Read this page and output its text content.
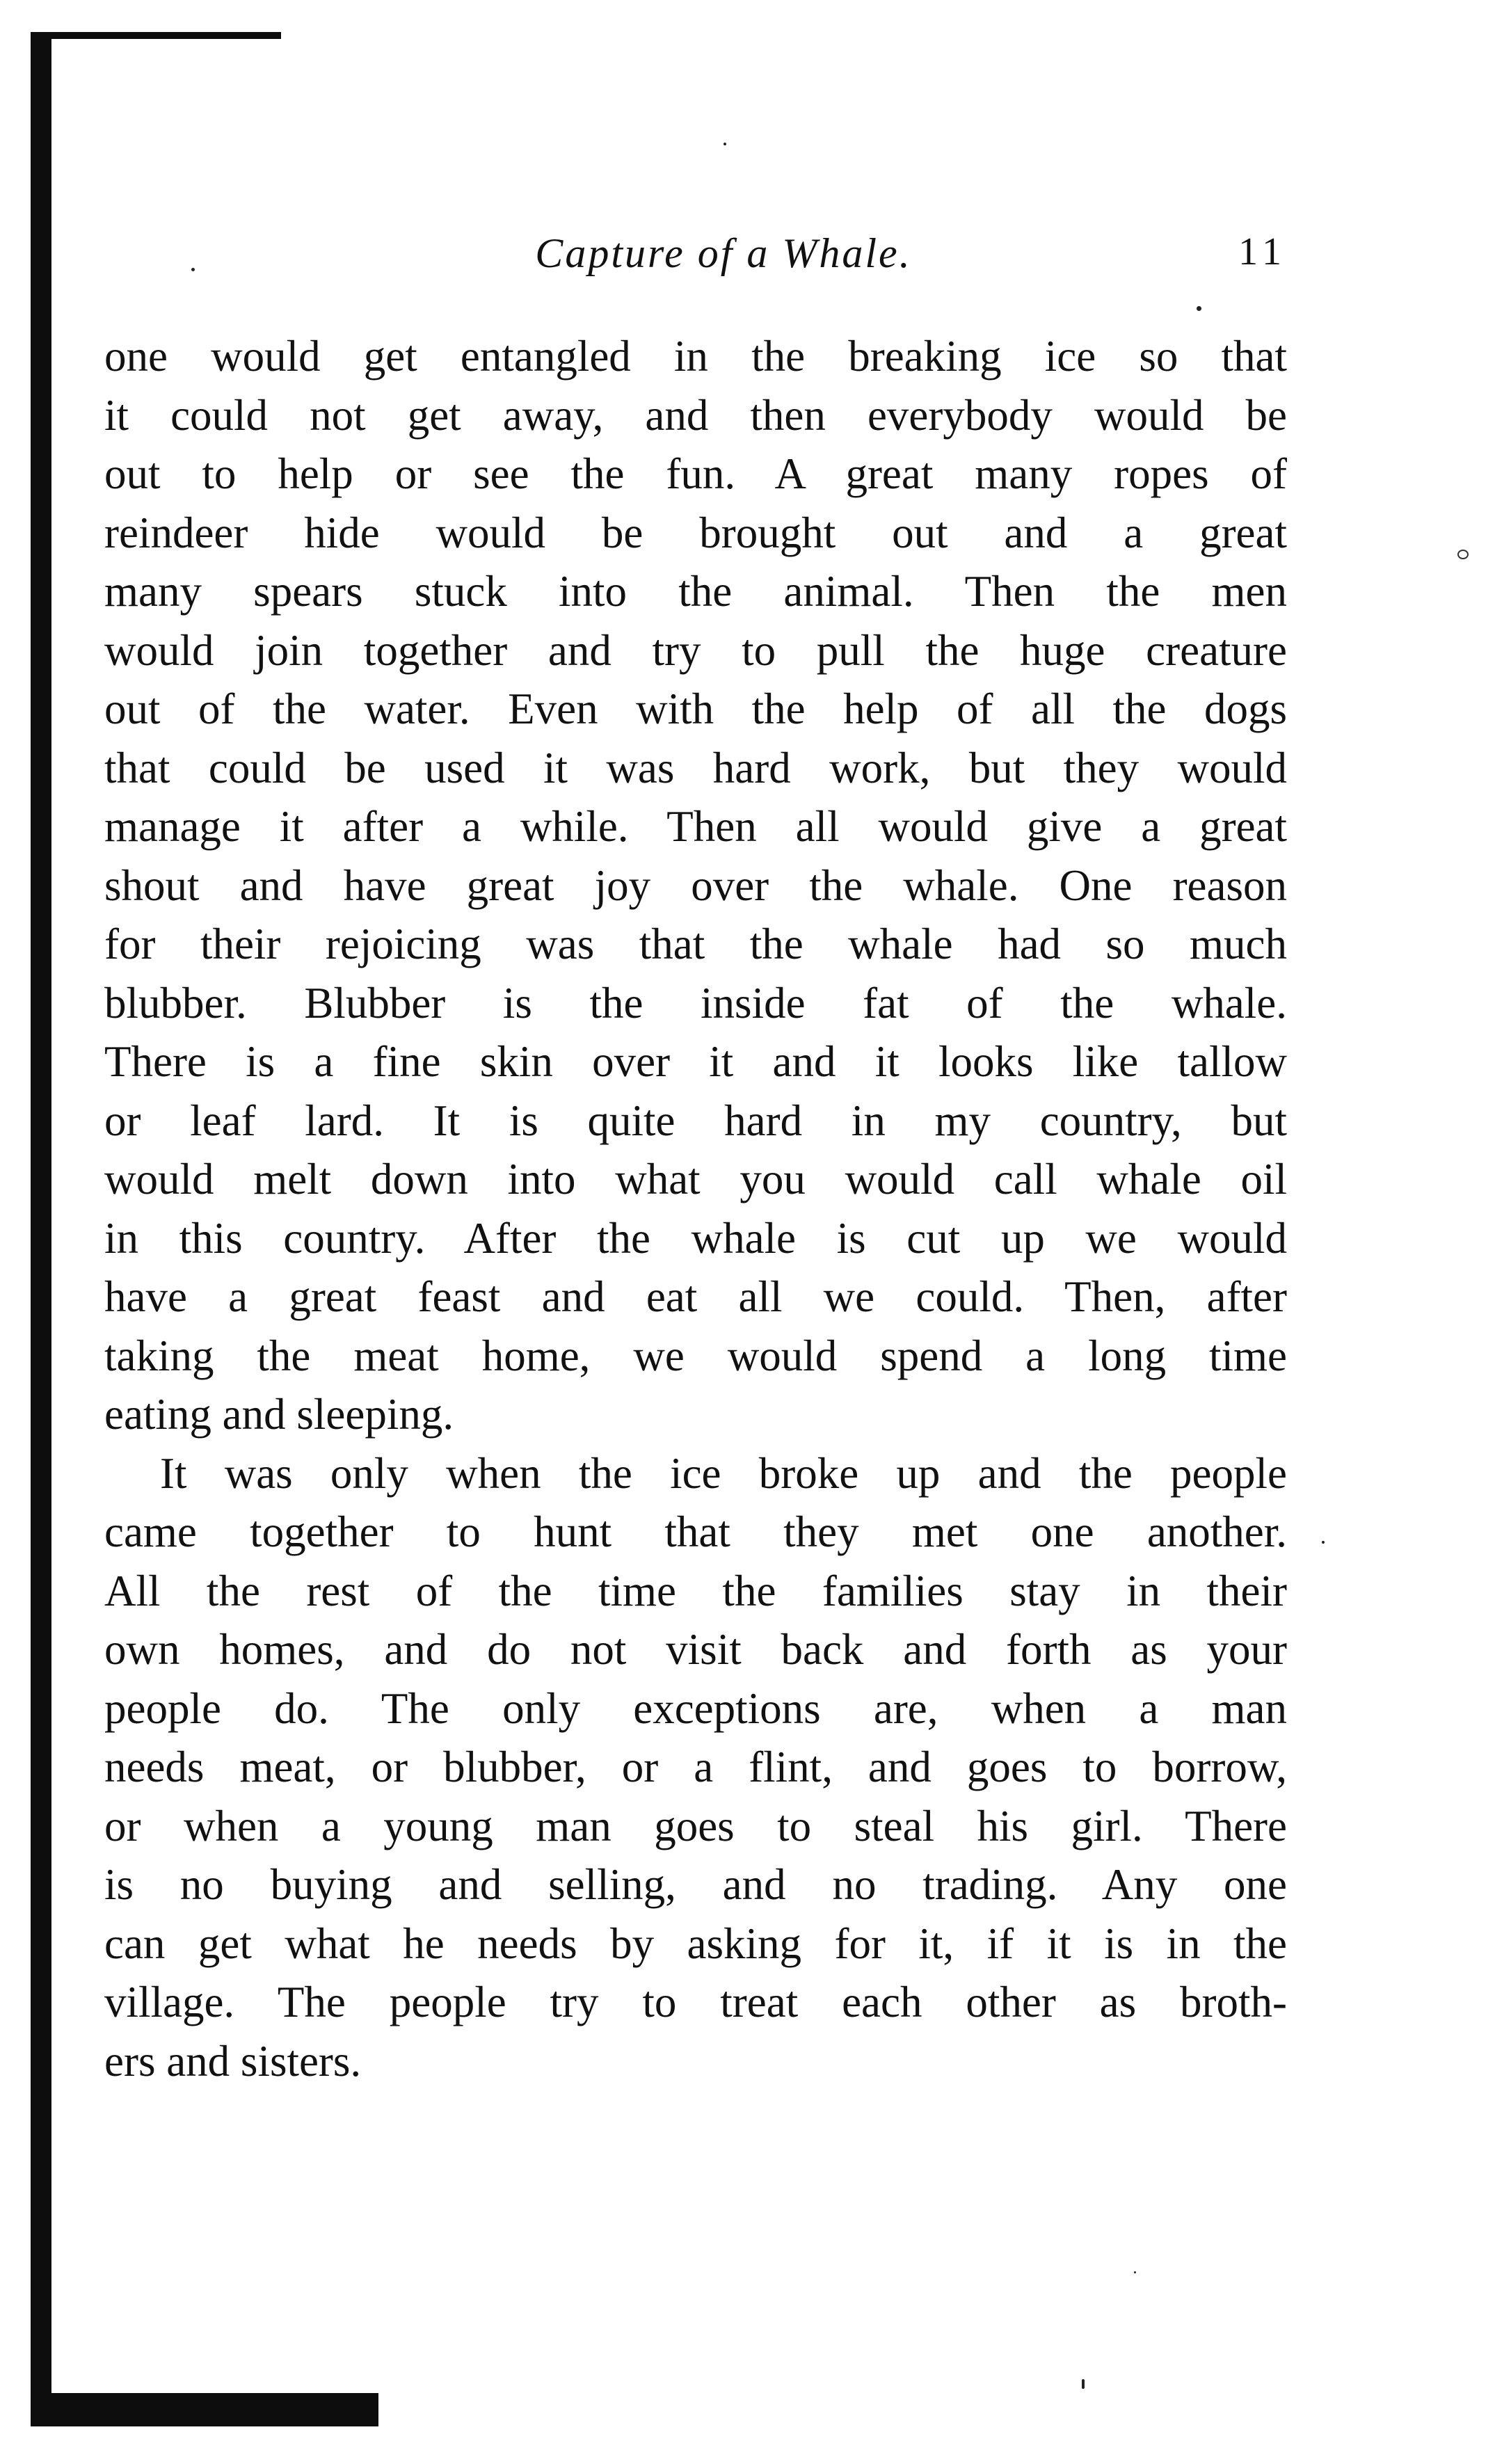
Capture of a Whale.	11
one would get entangled in the breaking ice so that
it could not get away, and then everybody would be
out to help or see the fun. A great many ropes of
reindeer hide would be brought out and a great
many spears stuck into the animal. Then the men
would join together and try to pull the huge creature
out of the water. Even with the help of all the dogs
that could be used it was hard work, but they would
manage it after a while. Then all would give a great
shout and have great joy over the whale. One reason
for their rejoicing was that the whale had so much
blubber. Blubber is the inside fat of the whale.
There is a fine skin over it and it looks like tallow
or leaf lard. It is quite hard in my country, but
would melt down into what you would call whale oil
in this country. After the whale is cut up we would
have a great feast and eat all we could. Then, after
taking the meat home, we would spend a long time
eating and sleeping.
It was only when the ice broke up and the people
came together to hunt that they met one another.
All the rest of the time the families stay in their
own homes, and do not visit back and forth as your
people do. The only exceptions are, when a man
needs meat, or blubber, or a flint, and goes to borrow,
or when a young man goes to steal his girl. There
is no buying and selling, and no trading. Any one
can get what he needs by asking for it, if it is in the
village. The people try to treat each other as broth-
ers and sisters.
